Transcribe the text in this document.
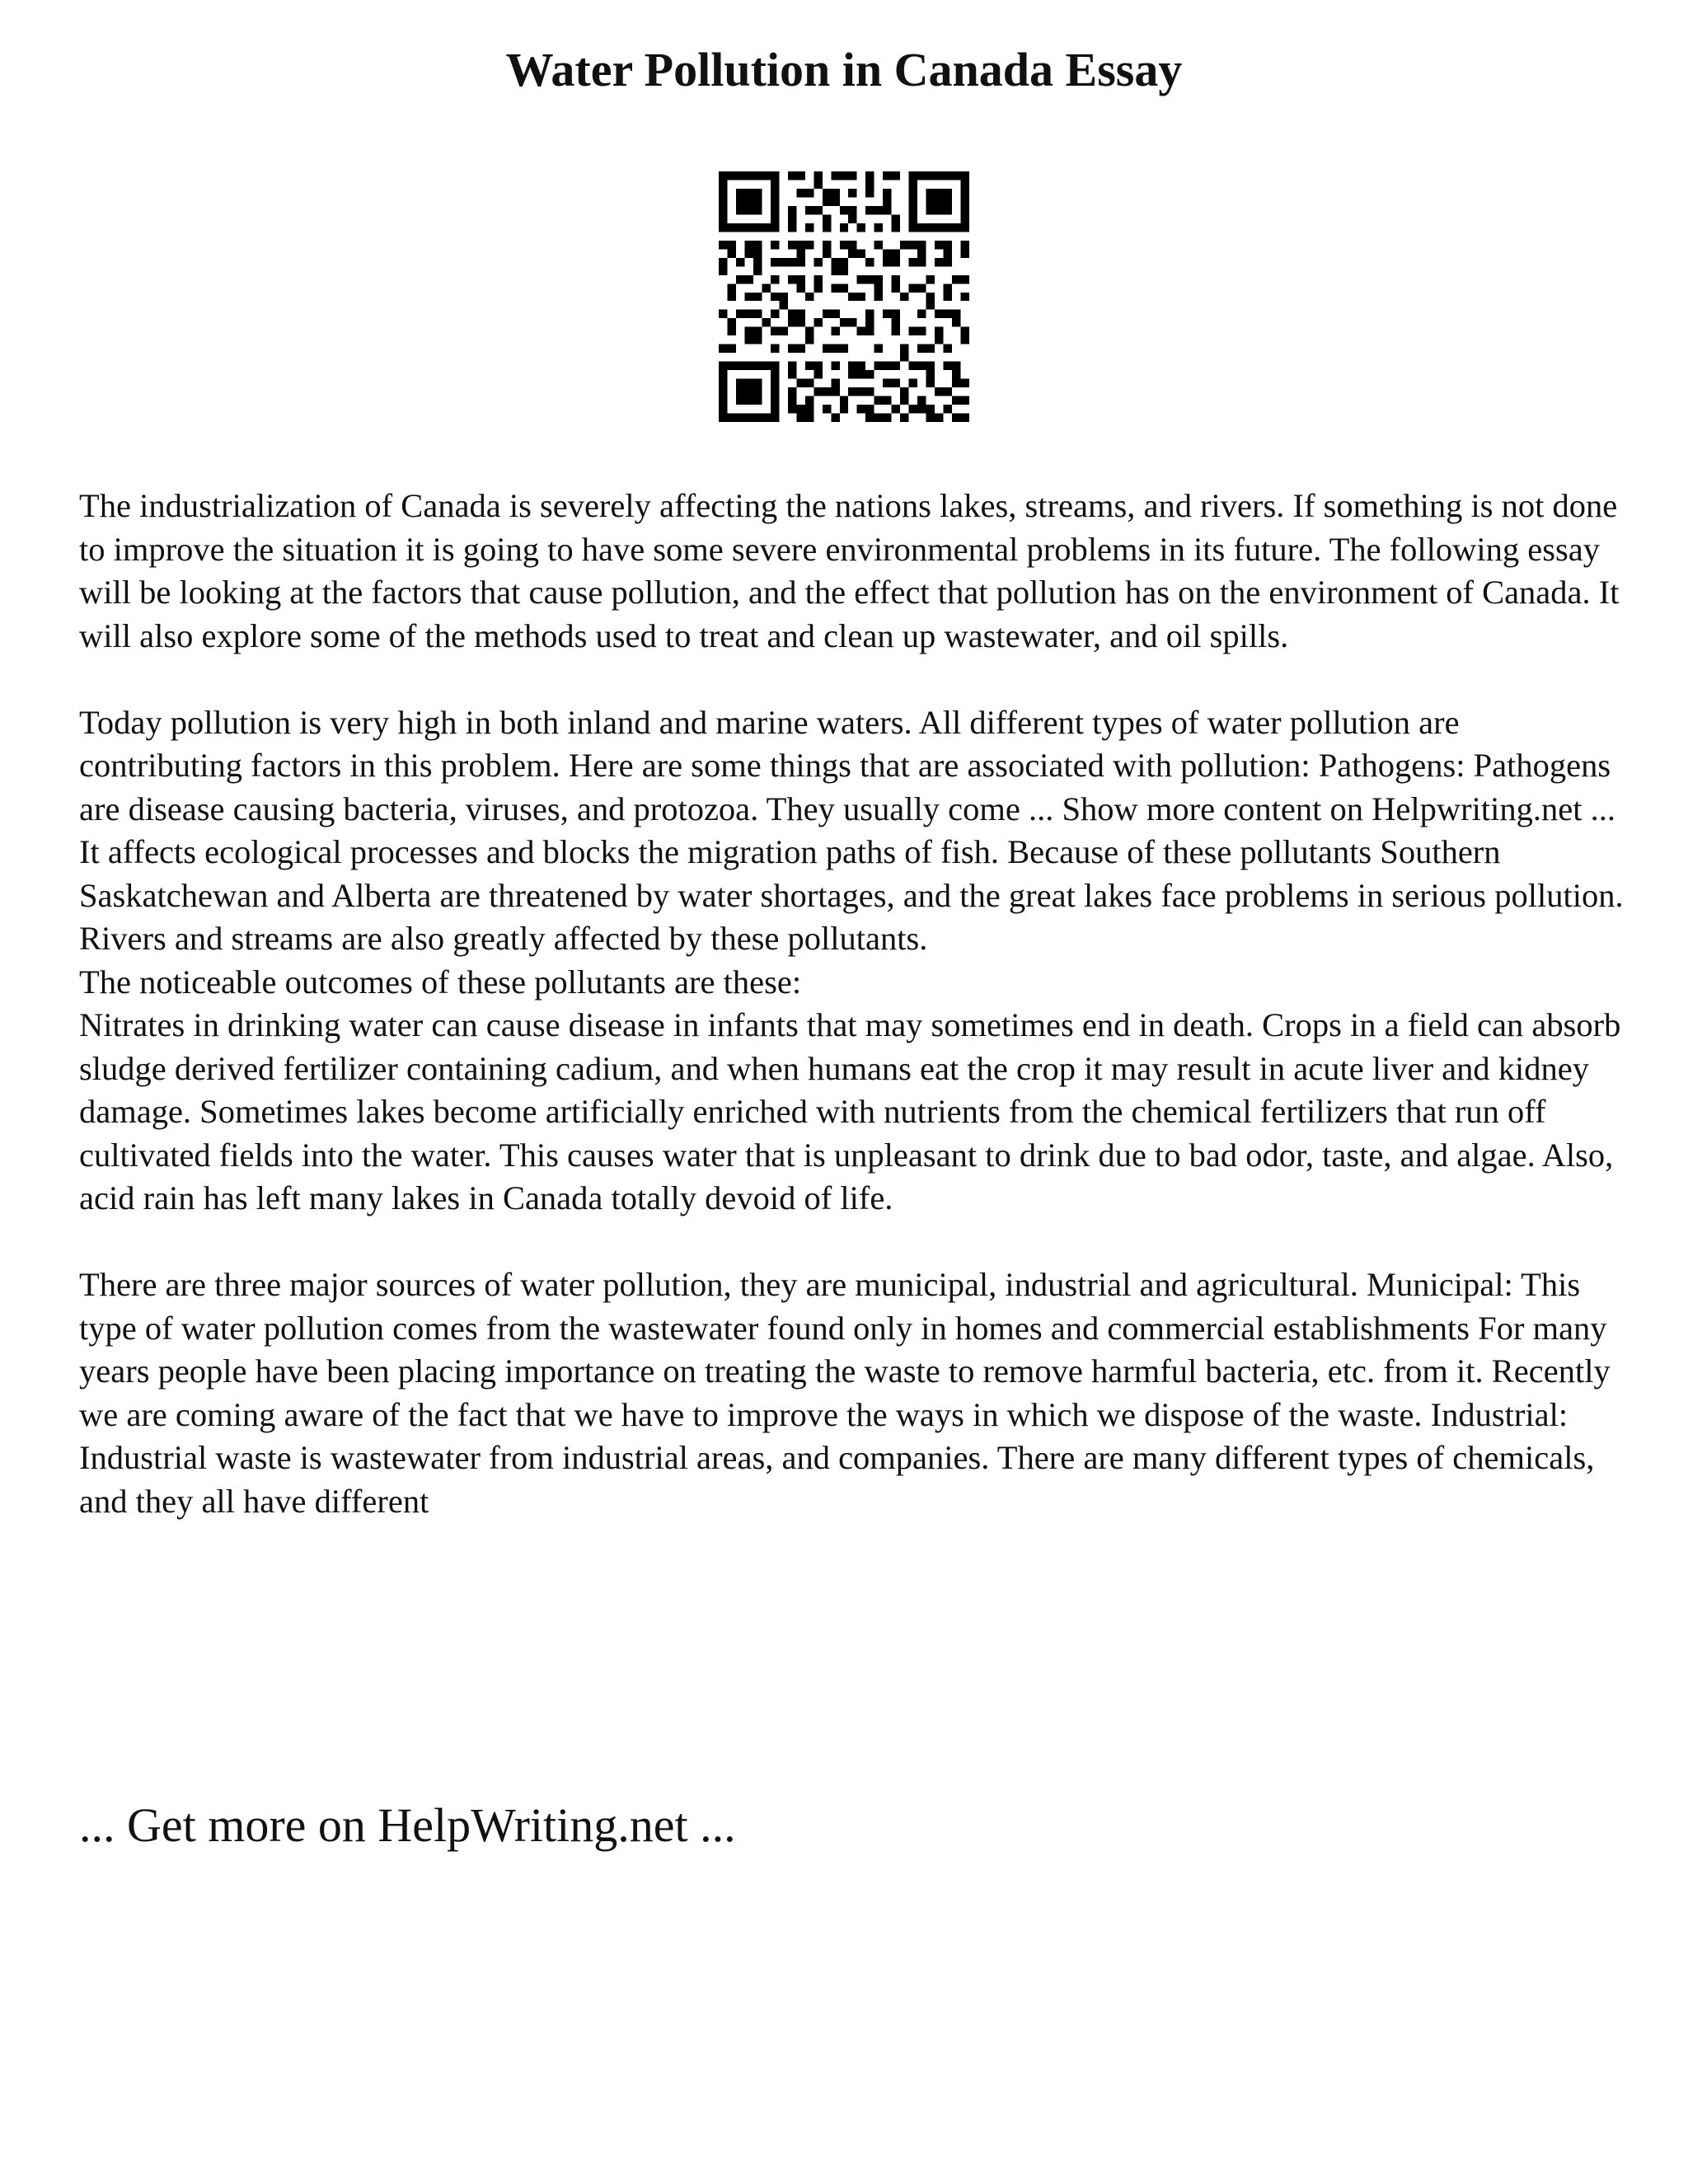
Water Pollution in Canada Essay

The industrialization of Canada is severely affecting the nations lakes, streams, and rivers. If something is not done to improve the situation it is going to have some severe environmental problems in its future. The following essay will be looking at the factors that cause pollution, and the effect that pollution has on the environment of Canada. It will also explore some of the methods used to treat and clean up wastewater, and oil spills.

Today pollution is very high in both inland and marine waters. All different types of water pollution are contributing factors in this problem. Here are some things that are associated with pollution: Pathogens: Pathogens are disease causing bacteria, viruses, and protozoa. They usually come ... Show more content on Helpwriting.net ...

It affects ecological processes and blocks the migration paths of fish. Because of these pollutants Southern

Saskatchewan and Alberta are threatened by water shortages, and the great lakes face problems in serious pollution. Rivers and streams are also greatly affected by these pollutants.

The noticeable outcomes of these pollutants are these:

Nitrates in drinking water can cause disease in infants that may sometimes end in death. Crops in a field can absorb sludge derived fertilizer containing cadium, and when humans eat the crop it may result in acute liver and kidney damage. Sometimes lakes become artificially enriched with nutrients from the chemical fertilizers that run off cultivated fields into the water. This causes water that is unpleasant to drink due to bad odor, taste, and algae. Also, acid rain has left many lakes in Canada totally devoid of life.

There are three major sources of water pollution, they are municipal, industrial and agricultural. Municipal: This type of water pollution comes from the wastewater found only in homes and commercial establishments For many years people have been placing importance on treating the waste to remove harmful bacteria, etc. from it. Recently we are coming aware of the fact that we have to improve the ways in which we dispose of the waste. Industrial: Industrial waste is wastewater from industrial areas, and companies. There are many different types of chemicals, and they all have different

... Get more on HelpWriting.net ...
